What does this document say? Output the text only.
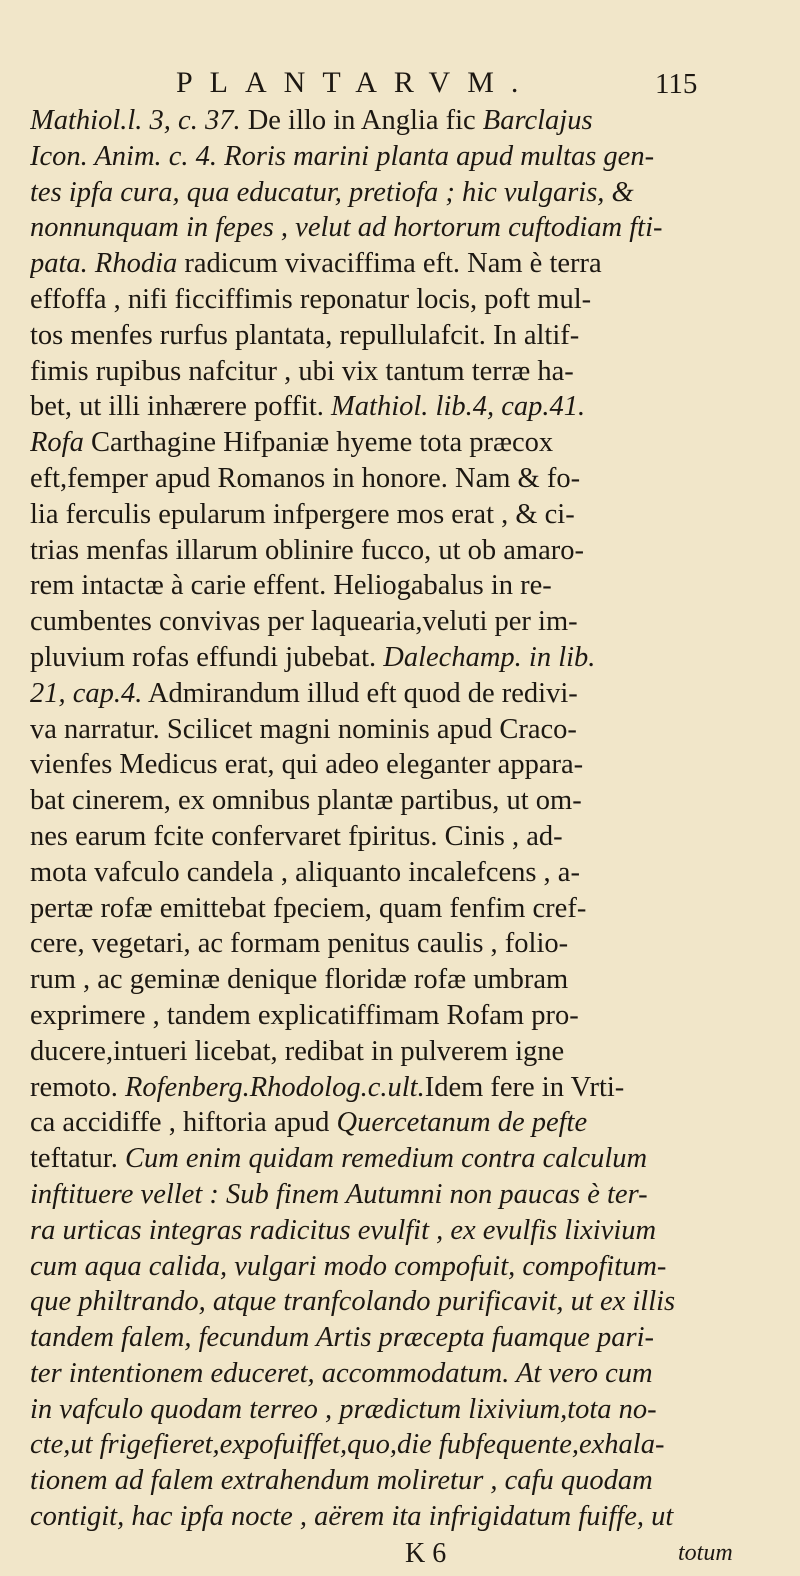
PLANTARVM.	115
Mathiol.l. 3, c. 37. De illo in Anglia fic Barclajus
Icon. Anim. c. 4. Roris marini planta apud multas gen-
tes ipfa cura, qua educatur, pretiofa ; hic vulgaris, &
nonnunquam in fepes , velut ad hortorum cuftodiam fti-
pata. Rhodia radicum vivaciffima eft. Nam è terra
effoffa , nifi ficciffimis reponatur locis, poft mul-
tos menfes rurfus plantata, repullulafcit. In altif-
fimis rupibus nafcitur , ubi vix tantum terræ ha-
bet, ut illi inhærere poffit. Mathiol. lib.4, cap.41.
Rofa Carthagine Hifpaniæ hyeme tota præcox
eft,femper apud Romanos in honore. Nam & fo-
lia ferculis epularum infpergere mos erat , & ci-
trias menfas illarum oblinire fucco, ut ob amaro-
rem intactæ à carie effent. Heliogabalus in re-
cumbentes convivas per laquearia,veluti per im-
pluvium rofas effundi jubebat. Dalechamp. in lib.
21, cap.4. Admirandum illud eft quod de redivi-
va narratur. Scilicet magni nominis apud Craco-
vienfes Medicus erat, qui adeo eleganter appara-
bat cinerem, ex omnibus plantæ partibus, ut om-
nes earum fcite confervaret fpiritus. Cinis , ad-
mota vafculo candela , aliquanto incalefcens , a-
pertæ rofæ emittebat fpeciem, quam fenfim cref-
cere, vegetari, ac formam penitus caulis , folio-
rum , ac geminæ denique floridæ rofæ umbram
exprimere , tandem explicatiffimam Rofam pro-
ducere,intueri licebat, redibat in pulverem igne
remoto. Rofenberg.Rhodolog.c.ult.Idem fere in Vrti-
ca accidiffe , hiftoria apud Quercetanum de pefte
teftatur. Cum enim quidam remedium contra calculum
inftituere vellet : Sub finem Autumni non paucas è ter-
ra urticas integras radicitus evulfit , ex evulfis lixivium
cum aqua calida, vulgari modo compofuit, compofitum-
que philtrando, atque tranfcolando purificavit, ut ex illis
tandem falem, fecundum Artis præcepta fuamque pari-
ter intentionem educeret, accommodatum. At vero cum
in vafculo quodam terreo , prædictum lixivium,tota no-
cte,ut frigefieret,expofuiffet,quo,die fubfequente,exhala-
tionem ad falem extrahendum moliretur , cafu quodam
contigit, hac ipfa nocte , aërem ita infrigidatum fuiffe, ut
K 6	totum
